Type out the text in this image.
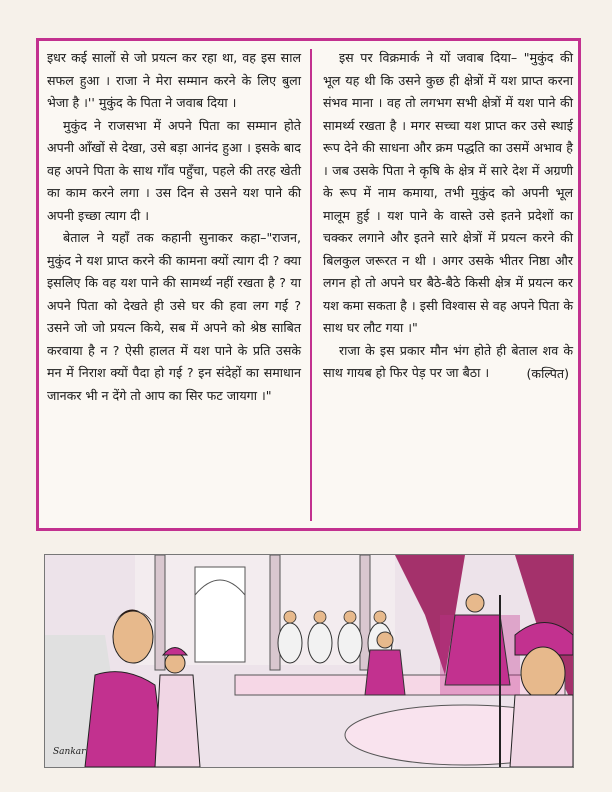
इधर कई सालों से जो प्रयत्न कर रहा था, वह इस साल सफल हुआ । राजा ने मेरा सम्मान करने के लिए बुला भेजा है ।'' मुकुंद के पिता ने जवाब दिया ।

मुकुंद ने राजसभा में अपने पिता का सम्मान होते अपनी आँखों से देखा, उसे बड़ा आनंद हुआ । इसके बाद वह अपने पिता के साथ गाँव पहुँचा, पहले की तरह खेती का काम करने लगा । उस दिन से उसने यश पाने की अपनी इच्छा त्याग दी ।

बेताल ने यहाँ तक कहानी सुनाकर कहा–"राजन, मुकुंद ने यश प्राप्त करने की कामना क्यों त्याग दी ? क्या इसलिए कि वह यश पाने की सामर्थ्य नहीं रखता है ? या अपने पिता को देखते ही उसे घर की हवा लग गई ? उसने जो जो प्रयत्न किये, सब में अपने को श्रेष्ठ साबित करवाया है न ? ऐसी हालत में यश पाने के प्रति उसके मन में निराश क्यों पैदा हो गई ? इन संदेहों का समाधान जानकर भी न देंगे तो आप का सिर फट जायगा ।"

इस पर विक्रमार्क ने यों जवाब दिया– "मुकुंद की भूल यह थी कि उसने कुछ ही क्षेत्रों में यश प्राप्त करना संभव माना । वह तो लगभग सभी क्षेत्रों में यश पाने की सामर्थ्य रखता है । मगर सच्चा यश प्राप्त कर उसे स्थाई रूप देने की साधना और क्रम पद्धति का उसमें अभाव है । जब उसके पिता ने कृषि के क्षेत्र में सारे देश में अग्रणी के रूप में नाम कमाया, तभी मुकुंद को अपनी भूल मालूम हुई । यश पाने के वास्ते उसे इतने प्रदेशों का चक्कर लगाने और इतने सारे क्षेत्रों में प्रयत्न करने की बिलकुल जरूरत न थी । अगर उसके भीतर निष्ठा और लगन हो तो अपने घर बैठे-बैठे किसी क्षेत्र में प्रयत्न कर यश कमा सकता है । इसी विश्वास से वह अपने पिता के साथ घर लौट गया ।"

राजा के इस प्रकार मौन भंग होते ही बेताल शव के साथ गायब हो फिर पेड़ पर जा बैठा ।	(कल्पित)
Sankar
